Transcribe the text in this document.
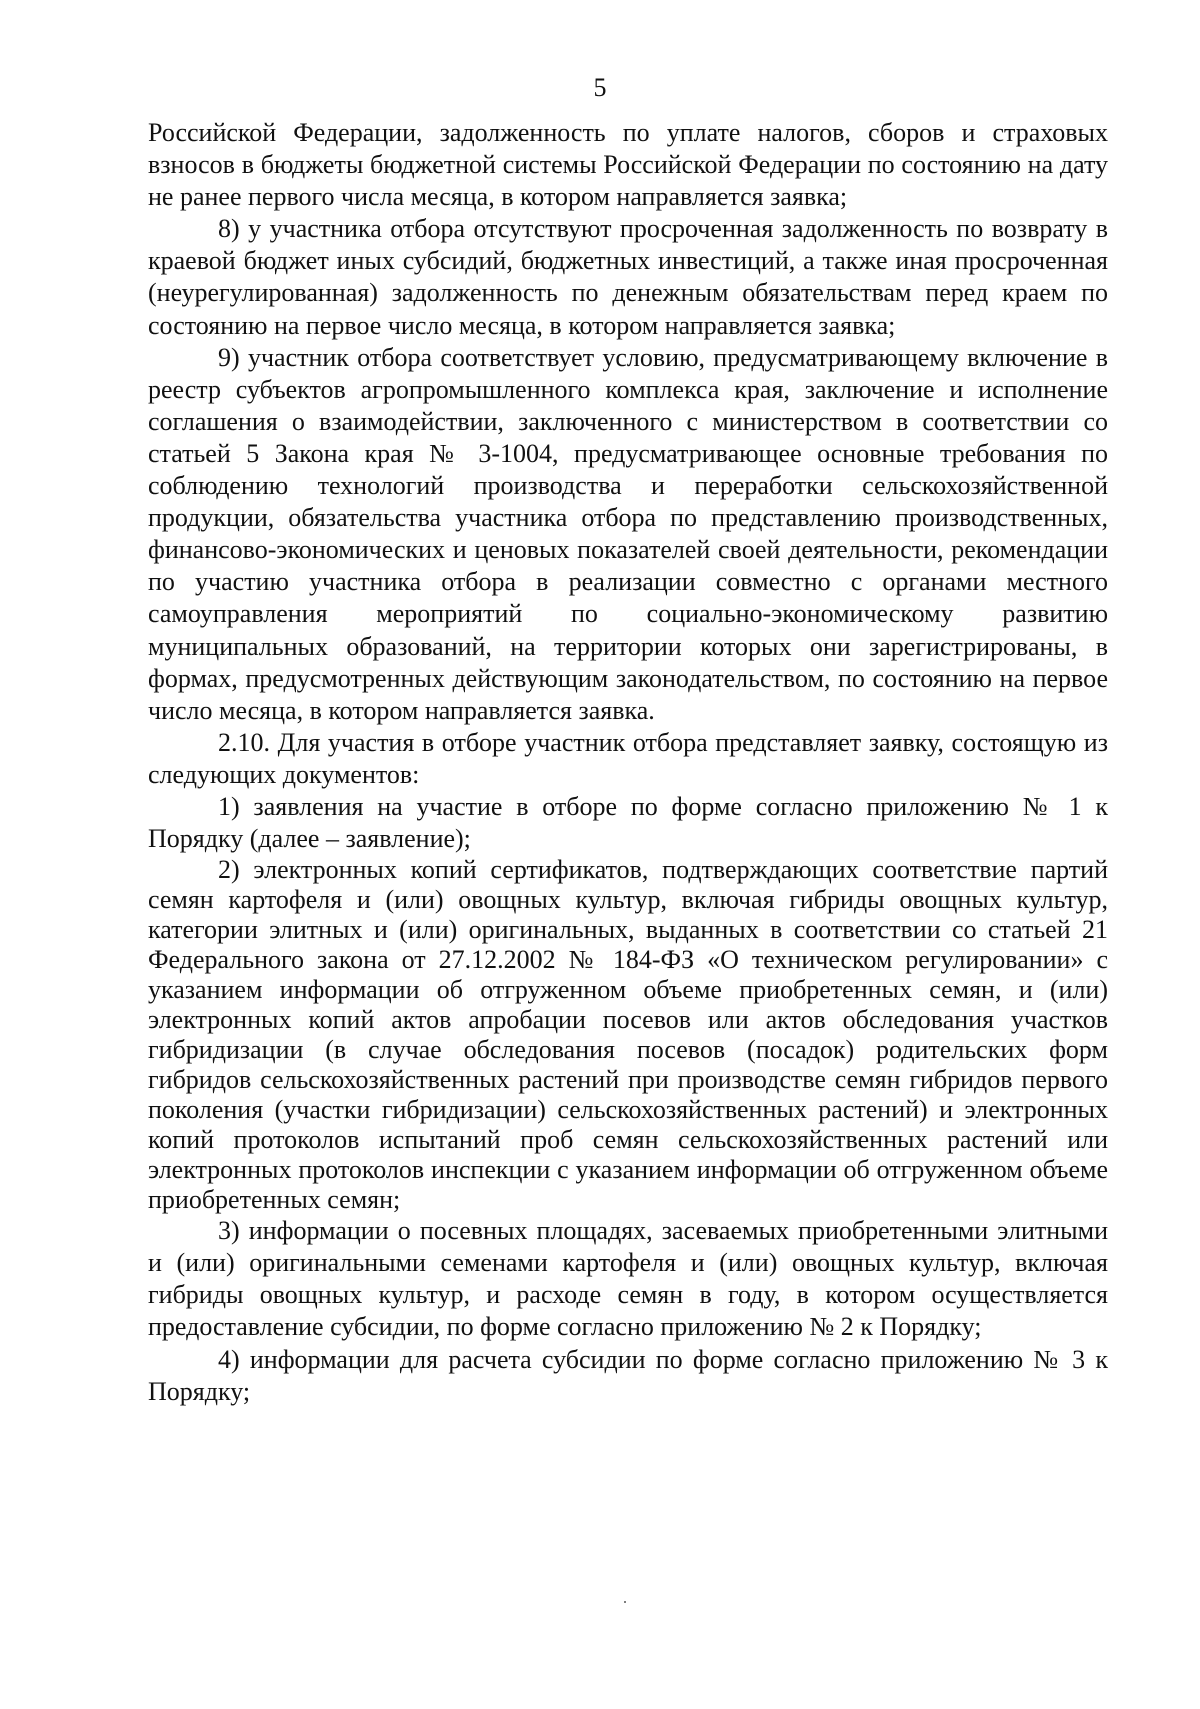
5

Российской Федерации, задолженность по уплате налогов, сборов и страховых взносов в бюджеты бюджетной системы Российской Федерации по состоянию на дату не ранее первого числа месяца, в котором направляется заявка;

8) у участника отбора отсутствуют просроченная задолженность по возврату в краевой бюджет иных субсидий, бюджетных инвестиций, а также иная просроченная (неурегулированная) задолженность по денежным обязательствам перед краем по состоянию на первое число месяца, в котором направляется заявка;

9) участник отбора соответствует условию, предусматривающему включение в реестр субъектов агропромышленного комплекса края, заключение и исполнение соглашения о взаимодействии, заключенного с министерством в соответствии со статьей 5 Закона края № 3-1004, предусматривающее основные требования по соблюдению технологий производства и переработки сельскохозяйственной продукции, обязательства участника отбора по представлению производственных, финансово-экономических и ценовых показателей своей деятельности, рекомендации по участию участника отбора в реализации совместно с органами местного самоуправления мероприятий по социально-экономическому развитию муниципальных образований, на территории которых они зарегистрированы, в формах, предусмотренных действующим законодательством, по состоянию на первое число месяца, в котором направляется заявка.

2.10. Для участия в отборе участник отбора представляет заявку, состоящую из следующих документов:

1) заявления на участие в отборе по форме согласно приложению № 1 к Порядку (далее – заявление);

2) электронных копий сертификатов, подтверждающих соответствие партий семян картофеля и (или) овощных культур, включая гибриды овощных культур, категории элитных и (или) оригинальных, выданных в соответствии со статьей 21 Федерального закона от 27.12.2002 № 184-ФЗ «О техническом регулировании» с указанием информации об отгруженном объеме приобретенных семян, и (или) электронных копий актов апробации посевов или актов обследования участков гибридизации (в случае обследования посевов (посадок) родительских форм гибридов сельскохозяйственных растений при производстве семян гибридов первого поколения (участки гибридизации) сельскохозяйственных растений) и электронных копий протоколов испытаний проб семян сельскохозяйственных растений или электронных протоколов инспекции с указанием информации об отгруженном объеме приобретенных семян;

3) информации о посевных площадях, засеваемых приобретенными элитными и (или) оригинальными семенами картофеля и (или) овощных культур, включая гибриды овощных культур, и расходе семян в году, в котором осуществляется предоставление субсидии, по форме согласно приложению № 2 к Порядку;

4) информации для расчета субсидии по форме согласно приложению № 3 к Порядку;
